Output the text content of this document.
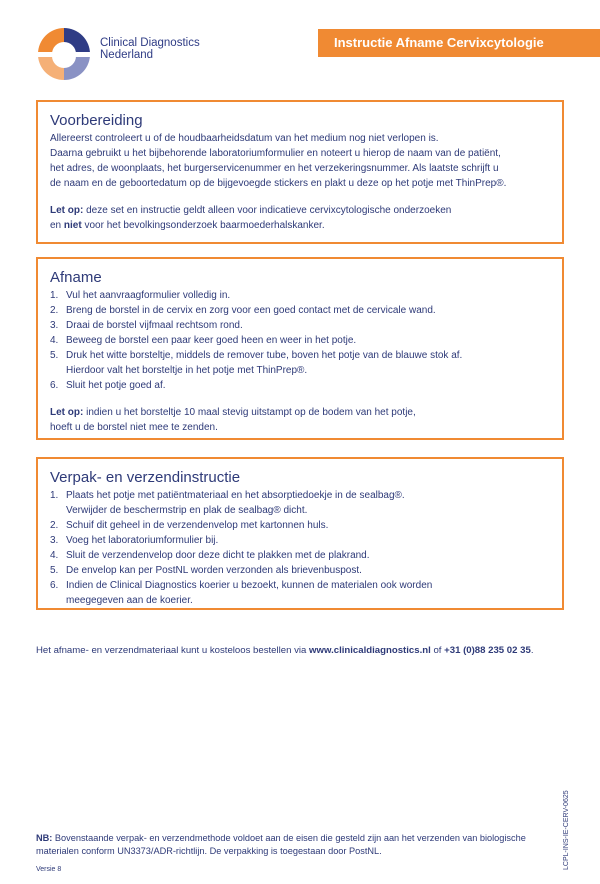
Clinical Diagnostics
Nederland
Instructie Afname Cervixcytologie
Voorbereiding

Allereerst controleert u of de houdbaarheidsdatum van het medium nog niet verlopen is.

Daarna gebruikt u het bijbehorende laboratoriumformulier en noteert u hierop de naam van de patiënt,

het adres, de woonplaats, het burgerservicenummer en het verzekeringsnummer. Als laatste schrijft u

de naam en de geboortedatum op de bijgevoegde stickers en plakt u deze op het potje met ThinPrep®.

Let op: deze set en instructie geldt alleen voor indicatieve cervixcytologische onderzoeken
en niet voor het bevolkingsonderzoek baarmoederhalskanker.
Afname
1. Vul het aanvraagformulier volledig in.
2. Breng de borstel in de cervix en zorg voor een goed contact met de cervicale wand.
3. Draai de borstel vijfmaal rechtsom rond.
4. Beweeg de borstel een paar keer goed heen en weer in het potje.
5. Druk het witte borsteltje, middels de remover tube, boven het potje van de blauwe stok af.
Hierdoor valt het borsteltje in het potje met ThinPrep®.
6. Sluit het potje goed af.
Let op: indien u het borsteltje 10 maal stevig uitstampt op de bodem van het potje,
hoeft u de borstel niet mee te zenden.
Verpak- en verzendinstructie
1. Plaats het potje met patiëntmateriaal en het absorptiedoekje in de sealbag®.
Verwijder de beschermstrip en plak de sealbag® dicht.
2. Schuif dit geheel in de verzendenvelop met kartonnen huls.
3. Voeg het laboratoriumformulier bij.
4. Sluit de verzendenvelop door deze dicht te plakken met de plakrand.
5. De envelop kan per PostNL worden verzonden als brievenbuspost.
6. Indien de Clinical Diagnostics koerier u bezoekt, kunnen de materialen ook worden
meegegeven aan de koerier.
Het afname- en verzendmateriaal kunt u kosteloos bestellen via www.clinicaldiagnostics.nl of +31 (0)88 235 02 35.
LCPL-INS-IE-CERV-0625
NB: Bovenstaande verpak- en verzendmethode voldoet aan de eisen die gesteld zijn aan het verzenden van biologische
materialen conform UN3373/ADR-richtlijn. De verpakking is toegestaan door PostNL.
Versie 8
